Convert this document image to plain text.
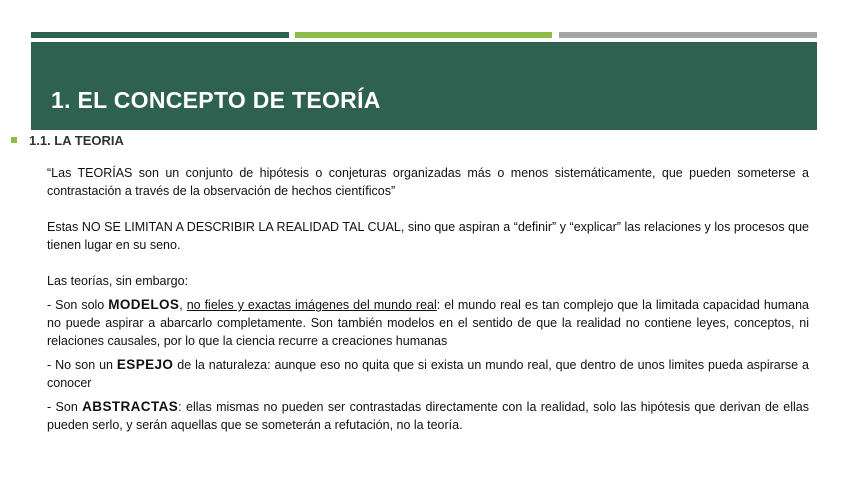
1. EL CONCEPTO DE TEORÍA
1.1. LA TEORIA

“Las TEORÍAS son un conjunto de hipótesis o conjeturas organizadas más o menos sistemáticamente, que pueden someterse a contrastación a través de la observación de hechos científicos”

Estas NO SE LIMITAN A DESCRIBIR LA REALIDAD TAL CUAL, sino que aspiran a “definir” y “explicar” las relaciones y los procesos que tienen lugar en su seno.

Las teorías, sin embargo:

- Son solo MODELOS, no fieles y exactas imágenes del mundo real: el mundo real es tan complejo que la limitada capacidad humana no puede aspirar a abarcarlo completamente. Son también modelos en el sentido de que la realidad no contiene leyes, conceptos, ni relaciones causales, por lo que la ciencia recurre a creaciones humanas

- No son un ESPEJO de la naturaleza: aunque eso no quita que si exista un mundo real, que dentro de unos limites pueda aspirarse a conocer

- Son ABSTRACTAS: ellas mismas no pueden ser contrastadas directamente con la realidad, solo las hipótesis que derivan de ellas pueden serlo, y serán aquellas que se someterán a refutación, no la teoría.
